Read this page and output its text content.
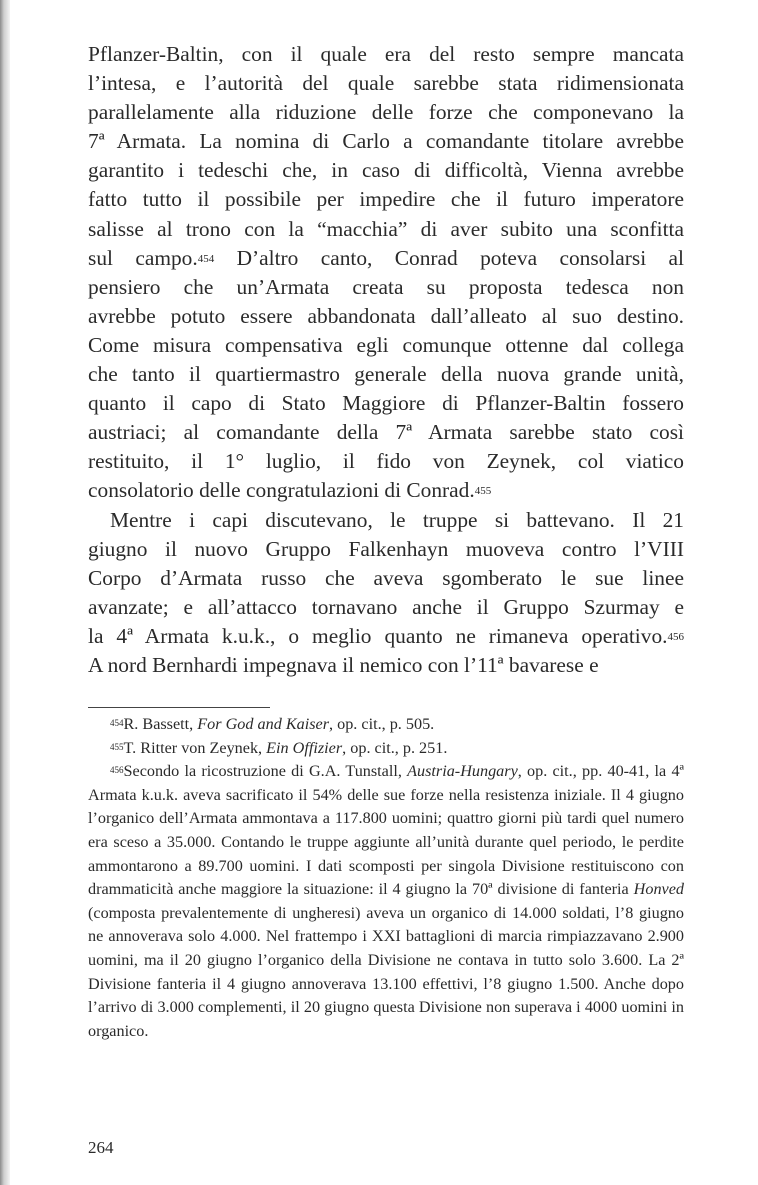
Pflanzer-Baltin, con il quale era del resto sempre mancata

l’intesa, e l’autorità del quale sarebbe stata ridimensionata

parallelamente alla riduzione delle forze che componevano la

7ª Armata. La nomina di Carlo a comandante titolare avrebbe

garantito i tedeschi che, in caso di difficoltà, Vienna avrebbe

fatto tutto il possibile per impedire che il futuro imperatore

salisse al trono con la “macchia” di aver subito una sconfitta

sul campo.$^{454}$ D’altro canto, Conrad poteva consolarsi al

pensiero che un’Armata creata su proposta tedesca non

avrebbe potuto essere abbandonata dall’alleato al suo destino.

Come misura compensativa egli comunque ottenne dal collega

che tanto il quartiermastro generale della nuova grande unità,

quanto il capo di Stato Maggiore di Pflanzer-Baltin fossero

austriaci; al comandante della 7ª Armata sarebbe stato così

restituito, il 1° luglio, il fido von Zeynek, col viatico

consolatorio delle congratulazioni di Conrad.$^{455}$

Mentre i capi discutevano, le truppe si battevano. Il 21

giugno il nuovo Gruppo Falkenhayn muoveva contro l’VIII

Corpo d’Armata russo che aveva sgomberato le sue linee

avanzate; e all’attacco tornavano anche il Gruppo Szurmay e

la 4ª Armata k.u.k., o meglio quanto ne rimaneva operativo.$^{456}$

A nord Bernhardi impegnava il nemico con l’11ª bavarese e

$^{454}$R. Bassett, For God and Kaiser, op. cit., p. 505.

$^{455}$T. Ritter von Zeynek, Ein Offizier, op. cit., p. 251.

$^{456}$Secondo la ricostruzione di G.A. Tunstall, Austria-Hungary, op. cit., pp. 40-41, la 4ª Armata k.u.k. aveva sacrificato il 54% delle sue forze nella resistenza iniziale. Il 4 giugno l’organico dell’Armata ammontava a 117.800 uomini; quattro giorni più tardi quel numero era sceso a 35.000. Contando le truppe aggiunte all’unità durante quel periodo, le perdite ammontarono a 89.700 uomini. I dati scomposti per singola Divisione restituiscono con drammaticità anche maggiore la situazione: il 4 giugno la 70ª divisione di fanteria Honved (composta prevalentemente di ungheresi) aveva un organico di 14.000 soldati, l’8 giugno ne annoverava solo 4.000. Nel frattempo i XXI battaglioni di marcia rimpiazzavano 2.900 uomini, ma il 20 giugno l’organico della Divisione ne contava in tutto solo 3.600. La 2ª Divisione fanteria il 4 giugno annoverava 13.100 effettivi, l’8 giugno 1.500. Anche dopo l’arrivo di 3.000 complementi, il 20 giugno questa Divisione non superava i 4000 uomini in organico.

264
